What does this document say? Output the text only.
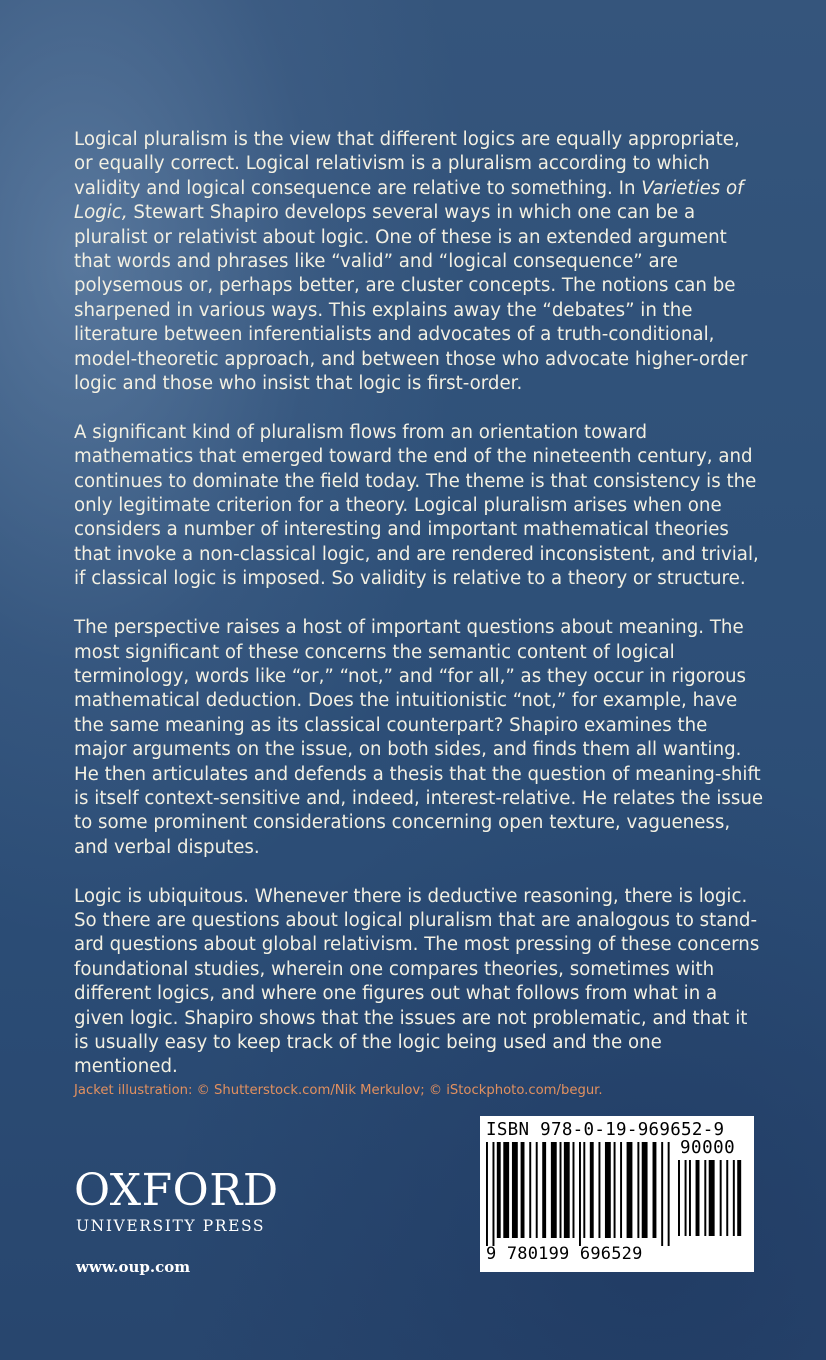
Logical pluralism is the view that different logics are equally appropriate, or equally correct. Logical relativism is a pluralism according to which validity and logical consequence are relative to something. In Varieties of Logic, Stewart Shapiro develops several ways in which one can be a pluralist or relativist about logic. One of these is an extended argument that words and phrases like “valid” and “logical consequence” are polysemous or, perhaps better, are cluster concepts. The notions can be sharpened in various ways. This explains away the “debates” in the literature between inferentialists and advocates of a truth-conditional, model-theoretic approach, and between those who advocate higher-order logic and those who insist that logic is first-order.

A significant kind of pluralism flows from an orientation toward mathematics that emerged toward the end of the nineteenth century, and continues to dominate the field today. The theme is that consistency is the only legitimate criterion for a theory. Logical pluralism arises when one considers a number of interesting and important mathematical theories that invoke a non-classical logic, and are rendered inconsistent, and trivial, if classical logic is imposed. So validity is relative to a theory or structure.

The perspective raises a host of important questions about meaning. The most significant of these concerns the semantic content of logical terminology, words like “or,” “not,” and “for all,” as they occur in rigorous mathematical deduction. Does the intuitionistic “not,” for example, have the same meaning as its classical counterpart? Shapiro examines the major arguments on the issue, on both sides, and finds them all wanting. He then articulates and defends a thesis that the question of meaning-shift is itself context-sensitive and, indeed, interest-relative. He relates the issue to some prominent considerations concerning open texture, vagueness, and verbal disputes.

Logic is ubiquitous. Whenever there is deductive reasoning, there is logic. So there are questions about logical pluralism that are analogous to stand-ard questions about global relativism. The most pressing of these concerns foundational studies, wherein one compares theories, sometimes with different logics, and where one figures out what follows from what in a given logic. Shapiro shows that the issues are not problematic, and that it is usually easy to keep track of the logic being used and the one mentioned.

Jacket illustration: © Shutterstock.com/Nik Merkulov; © iStockphoto.com/begur.
OXFORD
UNIVERSITY PRESS
www.oup.com
ISBN 978-0-19-969652-9
90000
9 780199 696529
